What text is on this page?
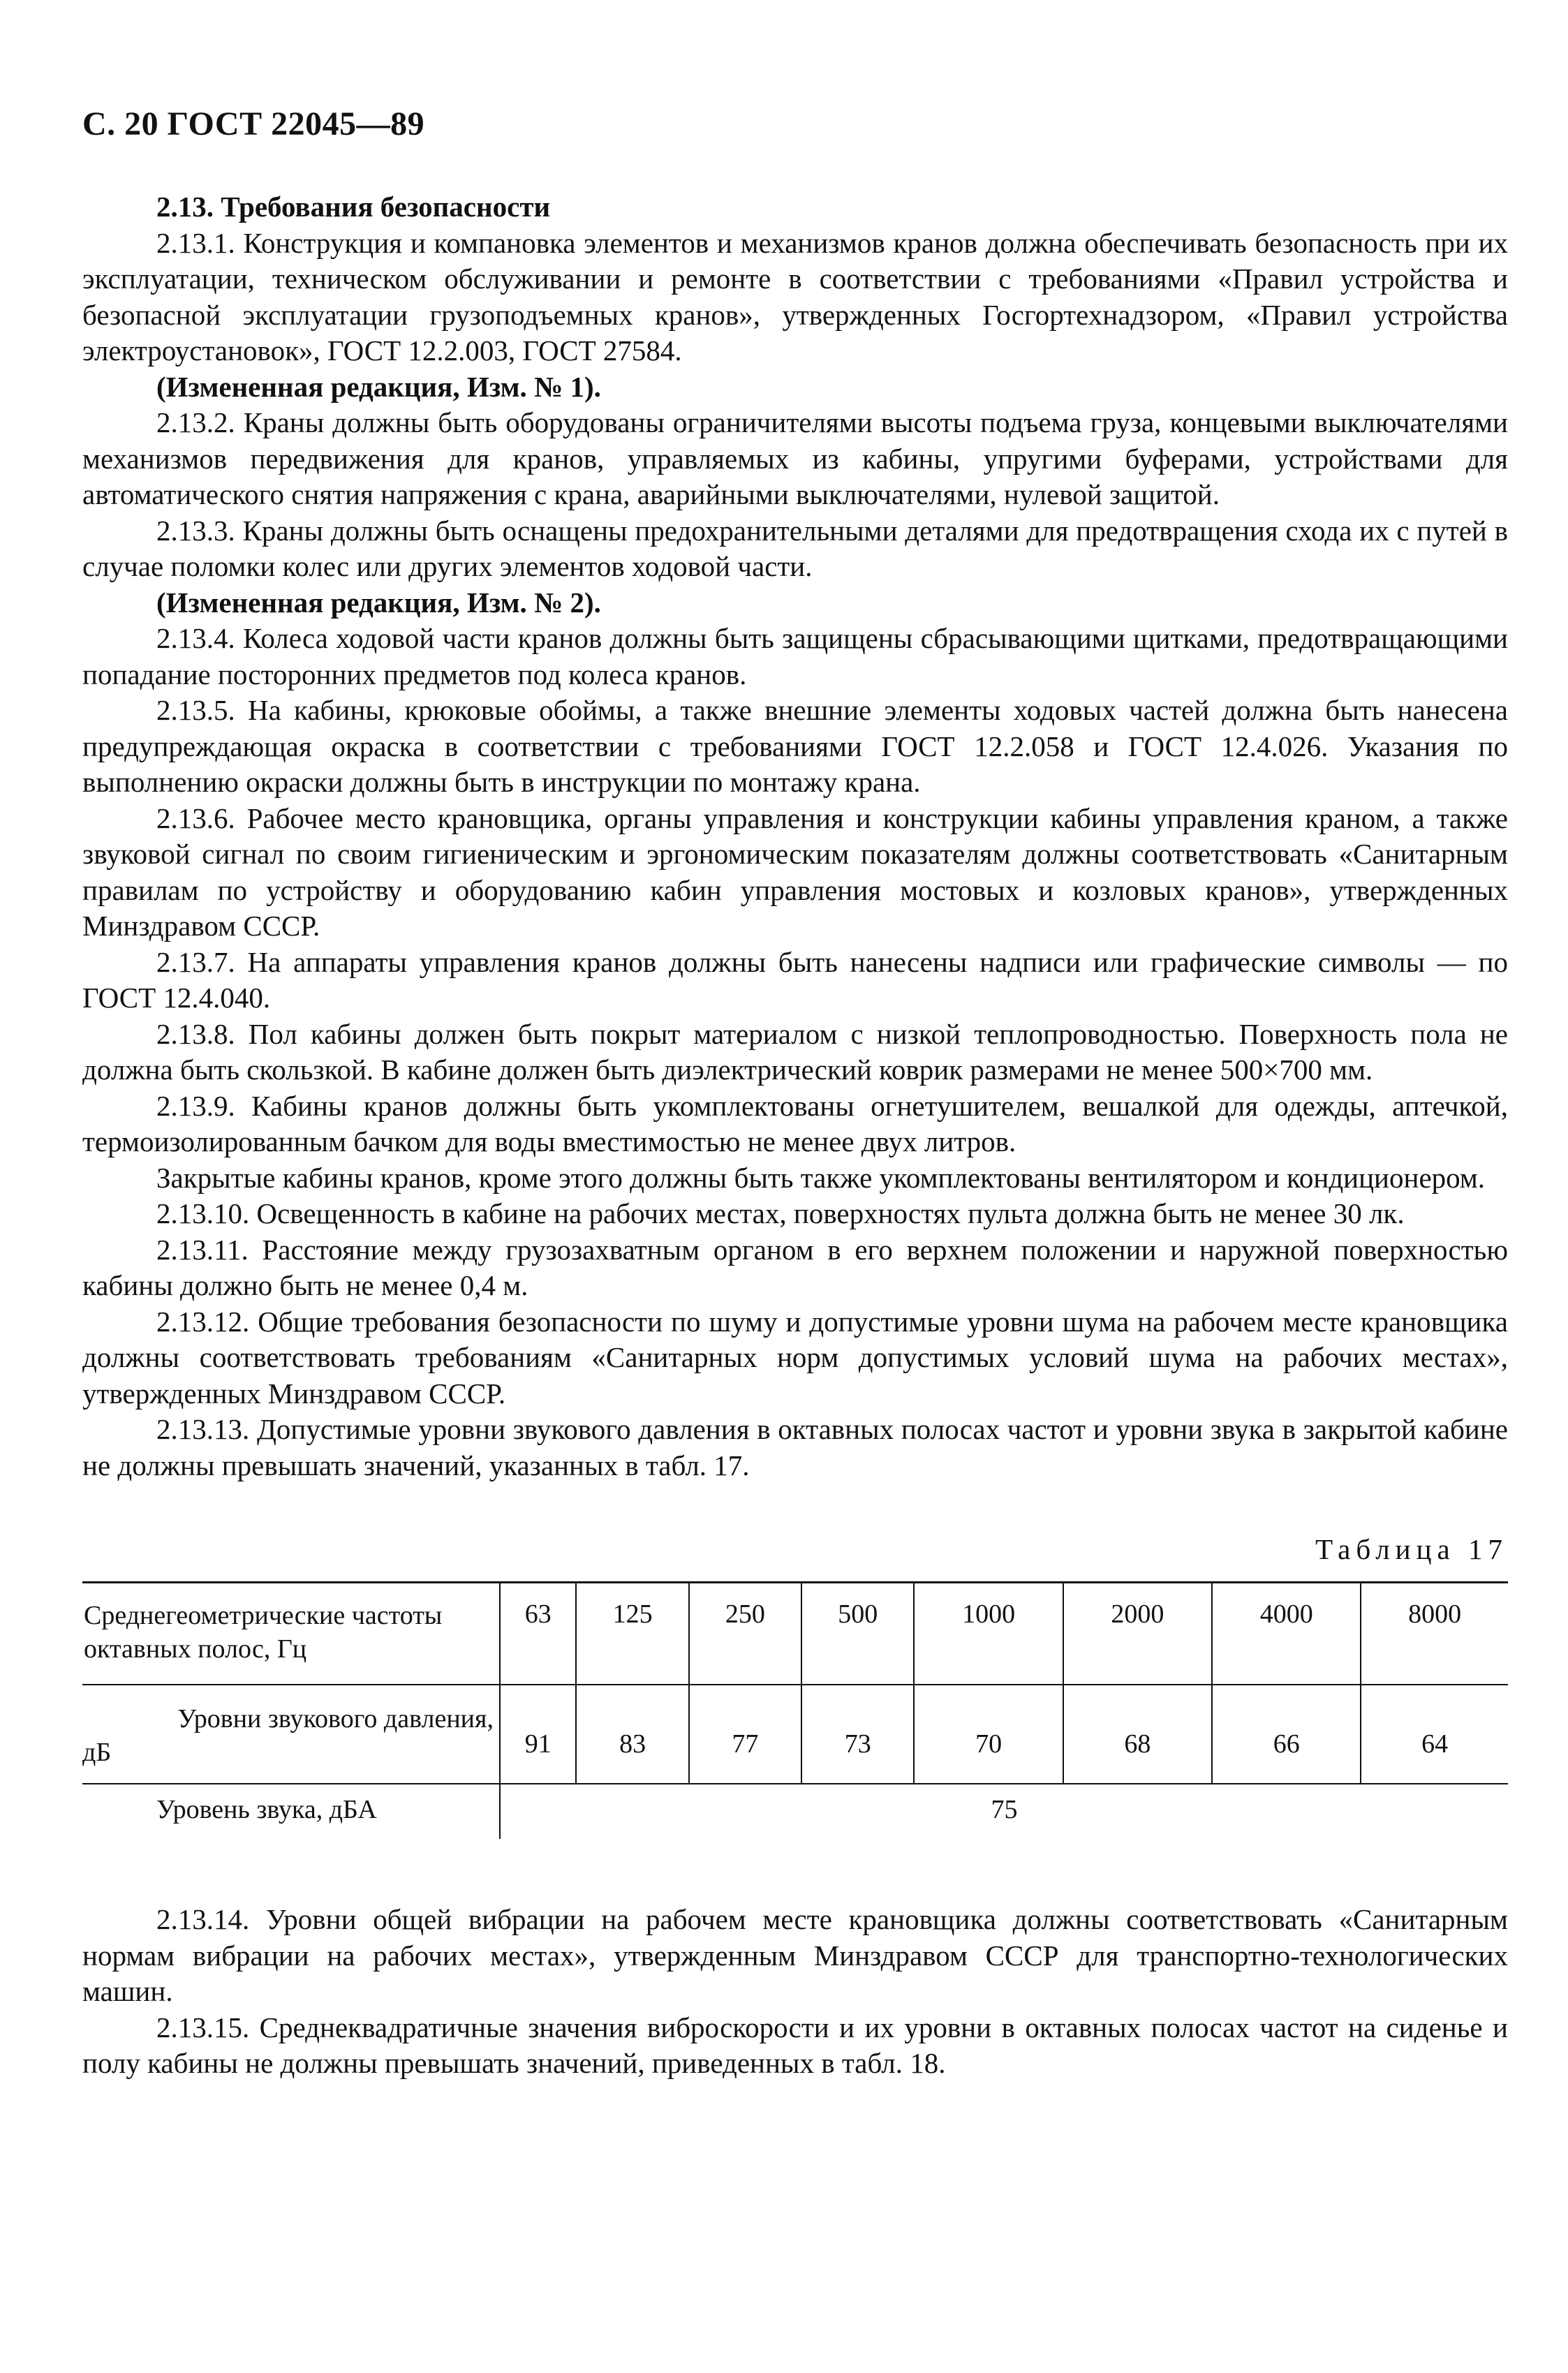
С. 20 ГОСТ 22045—89

2.13. Требования безопасности

2.13.1. Конструкция и компановка элементов и механизмов кранов должна обеспечивать безопасность при их эксплуатации, техническом обслуживании и ремонте в соответствии с требованиями «Правил устройства и безопасной эксплуатации грузоподъемных кранов», утвержденных Госгортехнадзором, «Правил устройства электроустановок», ГОСТ 12.2.003, ГОСТ 27584.

(Измененная редакция, Изм. № 1).

2.13.2. Краны должны быть оборудованы ограничителями высоты подъема груза, концевыми выключателями механизмов передвижения для кранов, управляемых из кабины, упругими буферами, устройствами для автоматического снятия напряжения с крана, аварийными выключателями, нулевой защитой.

2.13.3. Краны должны быть оснащены предохранительными деталями для предотвращения схода их с путей в случае поломки колес или других элементов ходовой части.

(Измененная редакция, Изм. № 2).

2.13.4. Колеса ходовой части кранов должны быть защищены сбрасывающими щитками, предотвращающими попадание посторонних предметов под колеса кранов.

2.13.5. На кабины, крюковые обоймы, а также внешние элементы ходовых частей должна быть нанесена предупреждающая окраска в соответствии с требованиями ГОСТ 12.2.058 и ГОСТ 12.4.026. Указания по выполнению окраски должны быть в инструкции по монтажу крана.

2.13.6. Рабочее место крановщика, органы управления и конструкции кабины управления краном, а также звуковой сигнал по своим гигиеническим и эргономическим показателям должны соответствовать «Санитарным правилам по устройству и оборудованию кабин управления мостовых и козловых кранов», утвержденных Минздравом СССР.

2.13.7. На аппараты управления кранов должны быть нанесены надписи или графические символы — по ГОСТ 12.4.040.

2.13.8. Пол кабины должен быть покрыт материалом с низкой теплопроводностью. Поверхность пола не должна быть скользкой. В кабине должен быть диэлектрический коврик размерами не менее 500×700 мм.

2.13.9. Кабины кранов должны быть укомплектованы огнетушителем, вешалкой для одежды, аптечкой, термоизолированным бачком для воды вместимостью не менее двух литров.

Закрытые кабины кранов, кроме этого должны быть также укомплектованы вентилятором и кондиционером.

2.13.10. Освещенность в кабине на рабочих местах, поверхностях пульта должна быть не менее 30 лк.

2.13.11. Расстояние между грузозахватным органом в его верхнем положении и наружной поверхностью кабины должно быть не менее 0,4 м.

2.13.12. Общие требования безопасности по шуму и допустимые уровни шума на рабочем месте крановщика должны соответствовать требованиям «Санитарных норм допустимых условий шума на рабочих местах», утвержденных Минздравом СССР.

2.13.13. Допустимые уровни звукового давления в октавных полосах частот и уровни звука в закрытой кабине не должны превышать значений, указанных в табл. 17.

Таблица 17
Среднегеометрические частоты
октавных полос, Гц	63	125	250	500	1000	2000	4000	8000

Уровни звукового давления,
дБ	91	83	77	73	70	68	66	64
Уровень звука, дБА	75							

2.13.14. Уровни общей вибрации на рабочем месте крановщика должны соответствовать «Санитарным нормам вибрации на рабочих местах», утвержденным Минздравом СССР для транспортно-технологических машин.

2.13.15. Среднеквадратичные значения виброскорости и их уровни в октавных полосах частот на сиденье и полу кабины не должны превышать значений, приведенных в табл. 18.
